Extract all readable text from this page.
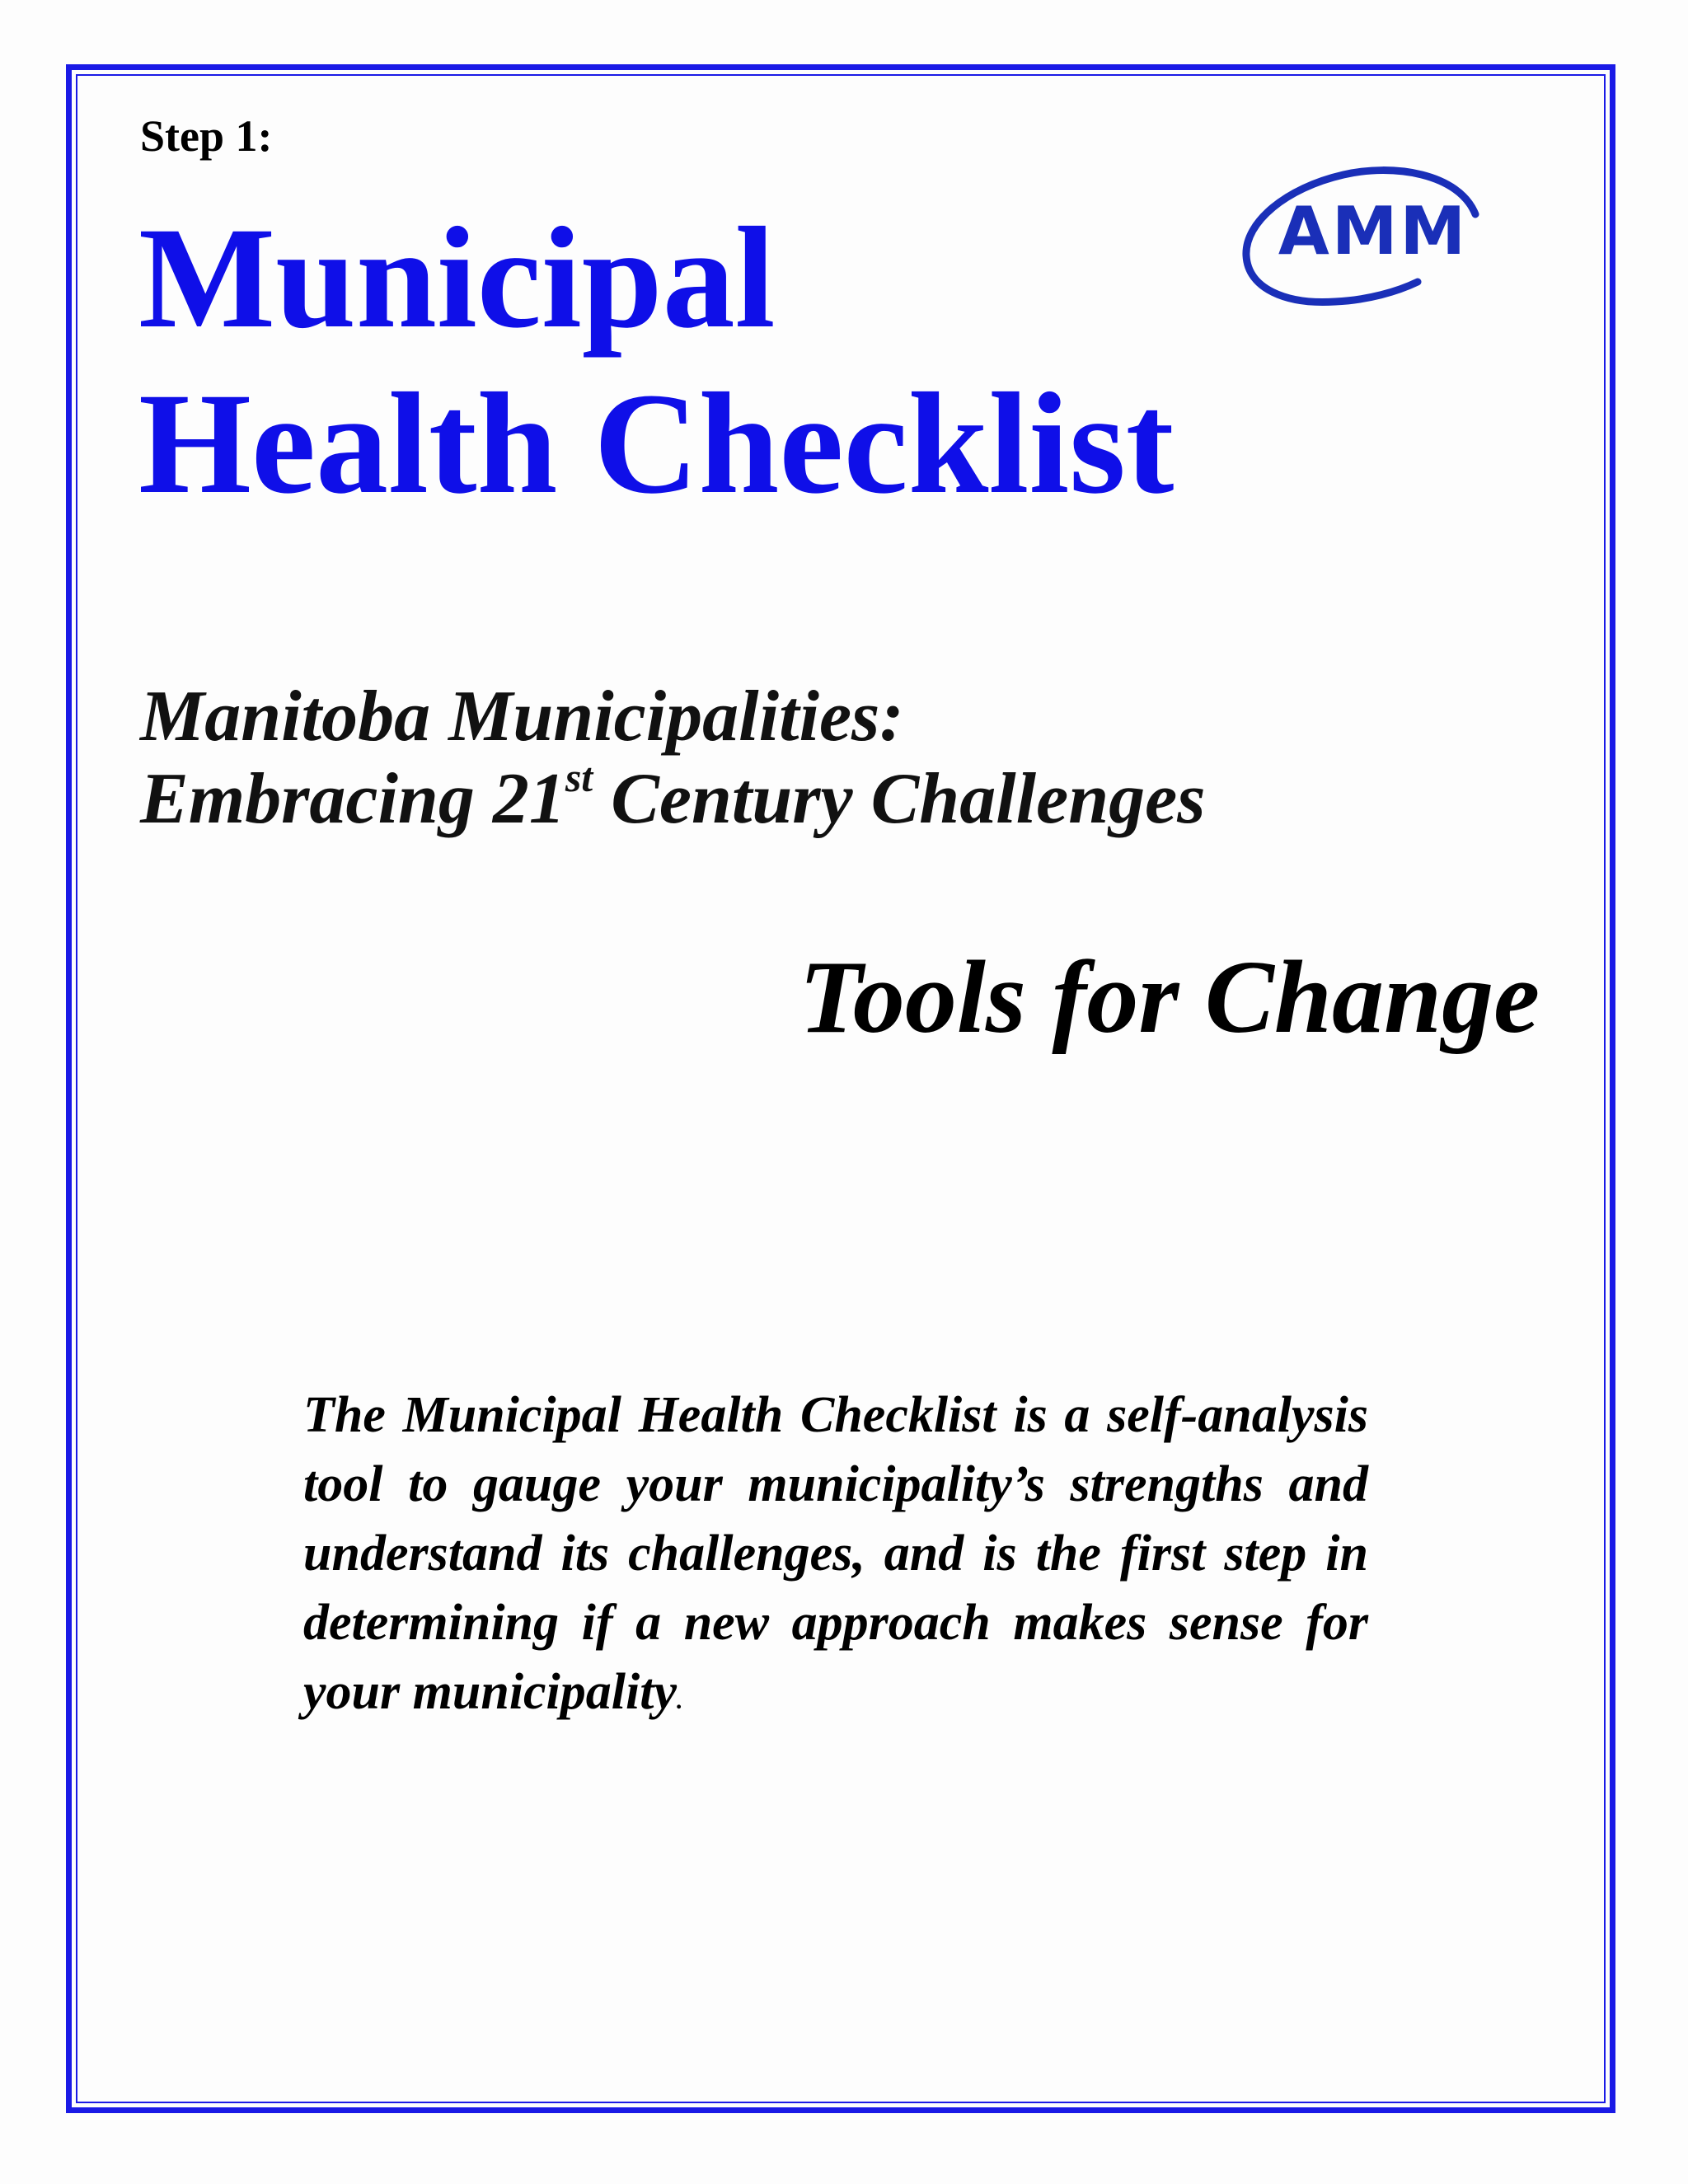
Step 1:

Municipal
Health Checklist
AMM
Manitoba Municipalities:
Embracing 21st Century Challenges
Tools for Change

The Municipal Health Checklist is a self-analysis tool to gauge your municipality’s strengths and understand its challenges, and is the first step in determining if a new approach makes sense for your municipality.
